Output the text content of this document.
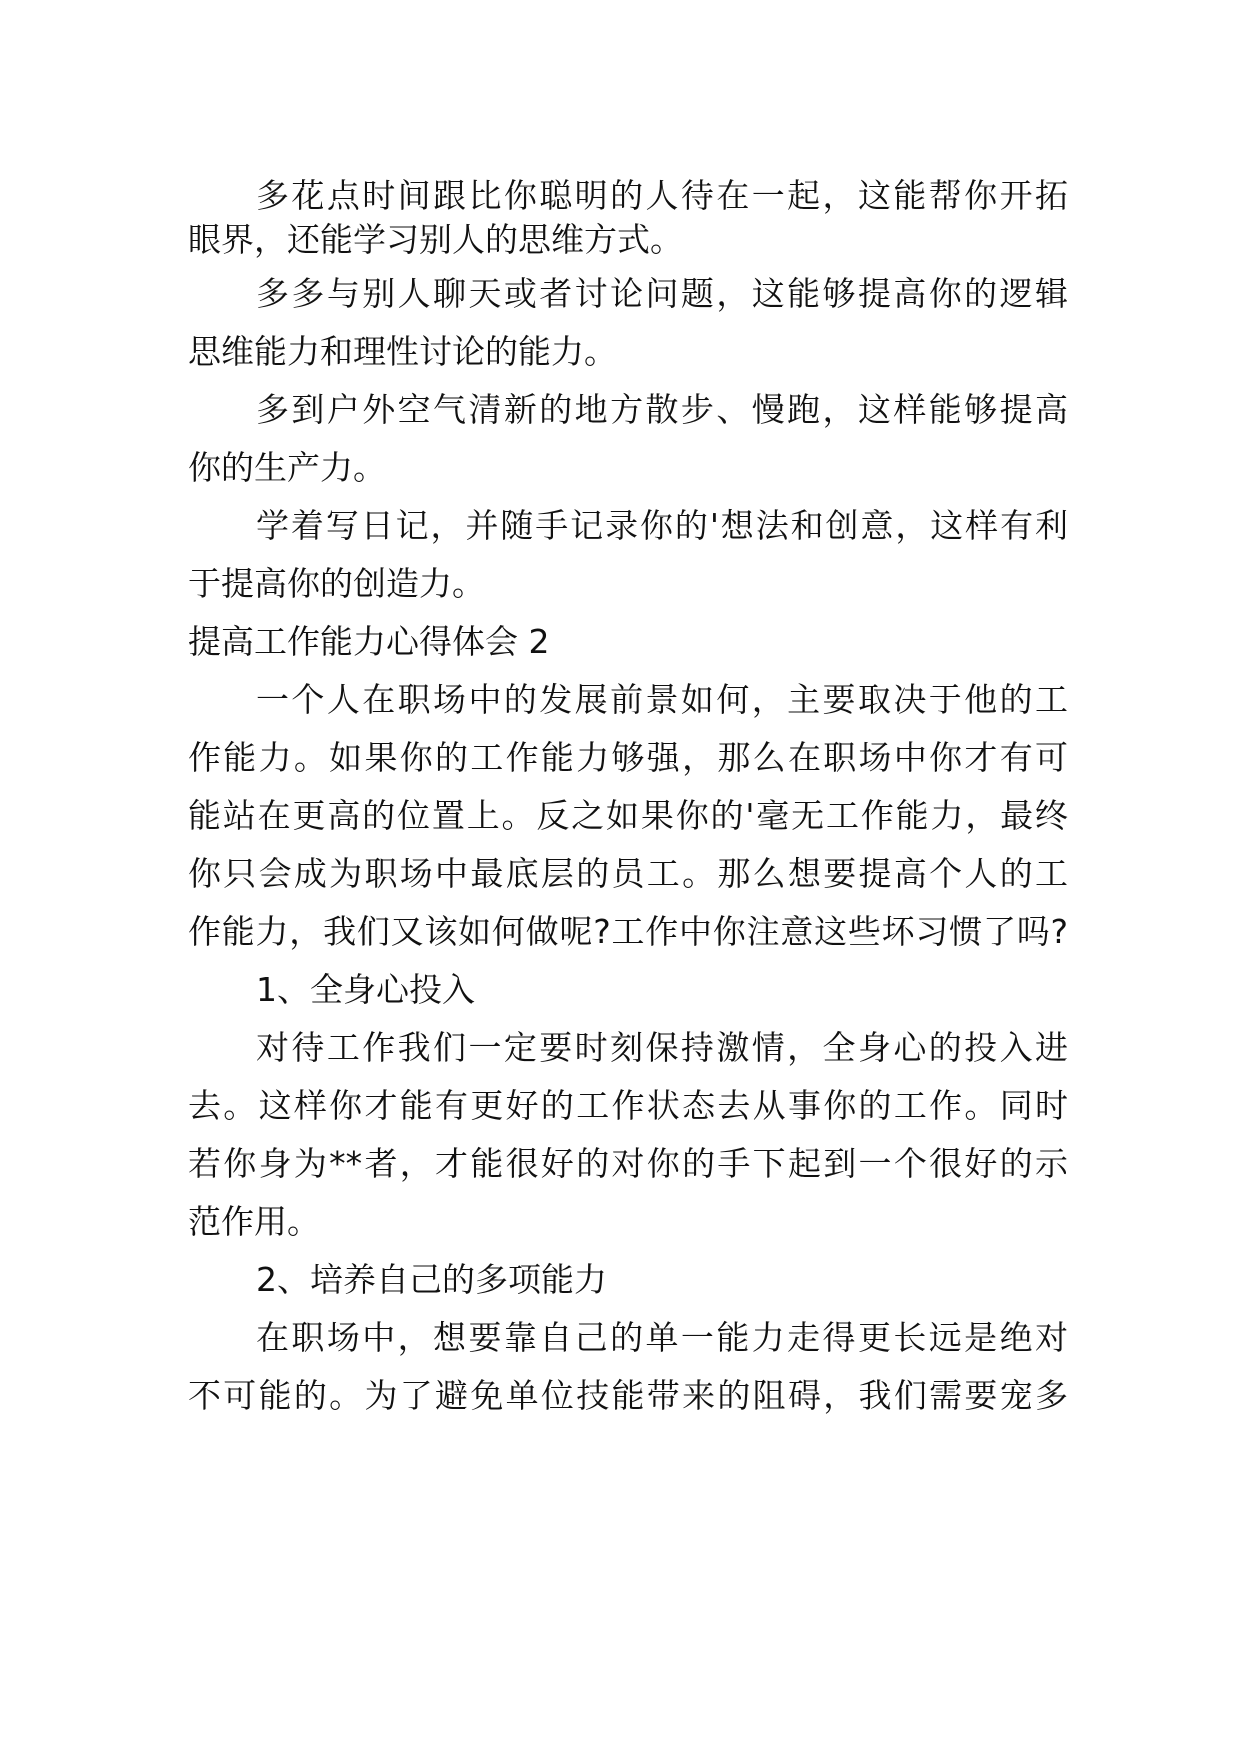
多花点时间跟比你聪明的人待在一起，这能帮你开拓
眼界，还能学习别人的思维方式。
多多与别人聊天或者讨论问题，这能够提高你的逻辑
思维能力和理性讨论的能力。
多到户外空气清新的地方散步、慢跑，这样能够提高
你的生产力。
学着写日记，并随手记录你的'想法和创意，这样有利
于提高你的创造力。
提高工作能力心得体会 2
一个人在职场中的发展前景如何，主要取决于他的工
作能力。如果你的工作能力够强，那么在职场中你才有可
能站在更高的位置上。反之如果你的'毫无工作能力，最终
你只会成为职场中最底层的员工。那么想要提高个人的工
作能力，我们又该如何做呢?工作中你注意这些坏习惯了吗?
1、全身心投入
对待工作我们一定要时刻保持激情，全身心的投入进
去。这样你才能有更好的工作状态去从事你的工作。同时
若你身为**者，才能很好的对你的手下起到一个很好的示
范作用。
2、培养自己的多项能力
在职场中，想要靠自己的单一能力走得更长远是绝对
不可能的。为了避免单位技能带来的阻碍，我们需要宠多
